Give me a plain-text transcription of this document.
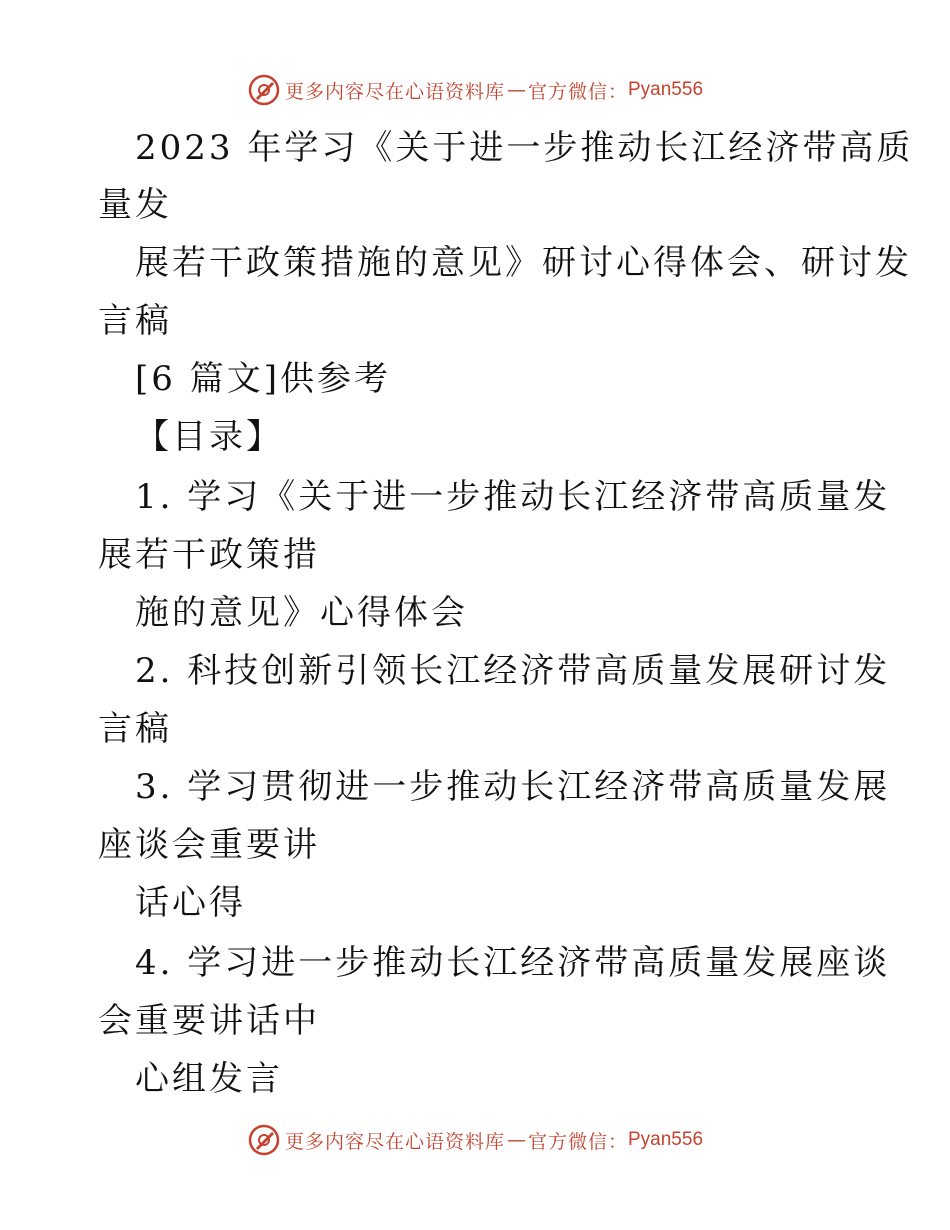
更多内容尽在心语资料库 — 官方微信： Pyan556
2023 年学习《关于进一步推动长江经济带高质
量发
展若干政策措施的意见》研讨心得体会、研讨发
言稿
[6 篇文]供参考
【目录】
1. 学习《关于进一步推动长江经济带高质量发
展若干政策措
施的意见》心得体会
2. 科技创新引领长江经济带高质量发展研讨发
言稿
3. 学习贯彻进一步推动长江经济带高质量发展
座谈会重要讲
话心得
4. 学习进一步推动长江经济带高质量发展座谈
会重要讲话中
心组发言
更多内容尽在心语资料库 — 官方微信： Pyan556
